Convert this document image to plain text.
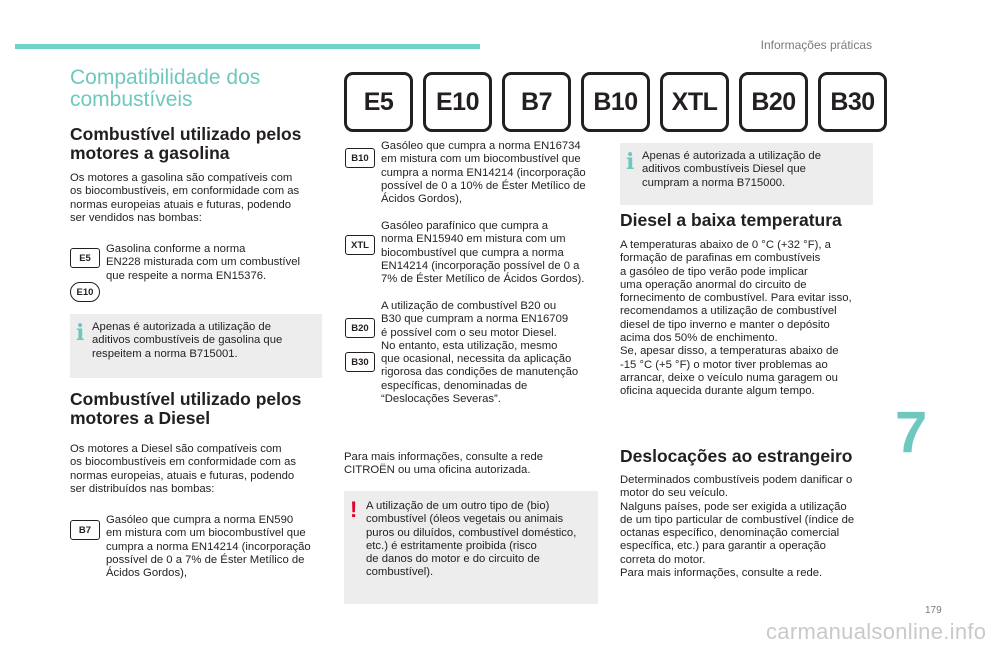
Informações práticas
Compatibilidade dos combustíveis	E5	E10	B7	B10	XTL	B20	B30
Combustível utilizado pelos motores a gasolina

Os motores a gasolina são compatíveis com
os biocombustíveis, em conformidade com as
normas europeias atuais e futuras, podendo
ser vendidos nas bombas:

E5
E10

Gasolina conforme a norma
EN228 misturada com um combustível
que respeite a norma EN15376.

i Apenas é autorizada a utilização de
aditivos combustíveis de gasolina que
respeitem a norma B715001.

Combustível utilizado pelos motores a Diesel

Os motores a Diesel são compatíveis com
os biocombustíveis em conformidade com as
normas europeias, atuais e futuras, podendo
ser distribuídos nas bombas:

B7

Gasóleo que cumpra a norma EN590
em mistura com um biocombustível que
cumpra a norma EN14214 (incorporação
possível de 0 a 7% de Éster Metílico de
Ácidos Gordos),

B10

Gasóleo que cumpra a norma EN16734
em mistura com um biocombustível que
cumpra a norma EN14214 (incorporação
possível de 0 a 10% de Éster Metílico de
Ácidos Gordos),

XTL

Gasóleo parafínico que cumpra a
norma EN15940 em mistura com um
biocombustível que cumpra a norma
EN14214 (incorporação possível de 0 a
7% de Éster Metílico de Ácidos Gordos).

B20
B30

A utilização de combustível B20 ou
B30 que cumpram a norma EN16709
é possível com o seu motor Diesel.
No entanto, esta utilização, mesmo
que ocasional, necessita da aplicação
rigorosa das condições de manutenção
específicas, denominadas de
“Deslocações Severas”.

Para mais informações, consulte a rede
CITROËN ou uma oficina autorizada.

! A utilização de um outro tipo de (bio)
combustível (óleos vegetais ou animais
puros ou diluídos, combustível doméstico,
etc.) é estritamente proibida (risco
de danos do motor e do circuito de
combustível).

i Apenas é autorizada a utilização de
aditivos combustíveis Diesel que
cumpram a norma B715000.

Diesel a baixa temperatura

A temperaturas abaixo de 0 °C (+32 °F), a
formação de parafinas em combustíveis
a gasóleo de tipo verão pode implicar
uma operação anormal do circuito de
fornecimento de combustível. Para evitar isso,
recomendamos a utilização de combustível
diesel de tipo inverno e manter o depósito
acima dos 50% de enchimento.
Se, apesar disso, a temperaturas abaixo de
-15 °C (+5 °F) o motor tiver problemas ao
arrancar, deixe o veículo numa garagem ou
oficina aquecida durante algum tempo.

Deslocações ao estrangeiro

Determinados combustíveis podem danificar o
motor do seu veículo.
Nalguns países, pode ser exigida a utilização
de um tipo particular de combustível (índice de
octanas específico, denominação comercial
específica, etc.) para garantir a operação
correta do motor.
Para mais informações, consulte a rede.

7
179
carmanualsonline.info
